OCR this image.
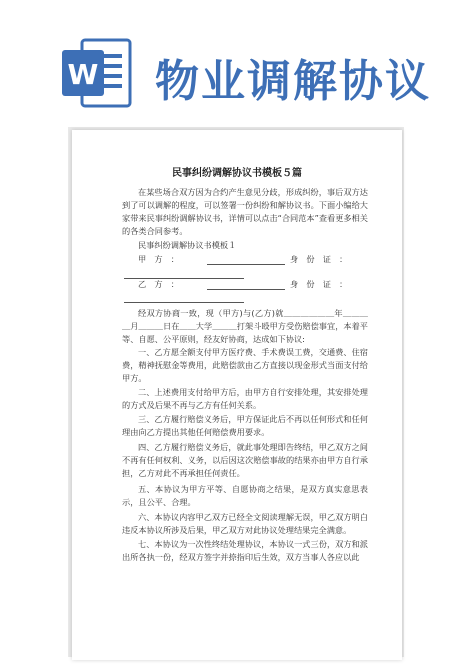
W 物业调解协议
民事纠纷调解协议书模板５篇
在某些场合双方因为合约产生意见分歧，形成纠纷，事后双方达到了可以调解的程度，可以签署一份纠纷和解协议书。下面小编给大家带来民事纠纷调解协议书，详情可以点击“合同范本”查看更多相关的各类合同参考。
民事纠纷调解协议书模板１
甲　方　：	身　份　证　：
乙　方　：	身　份　证　：
经双方协商一致，现（甲方)与(乙方)就＿＿＿＿＿＿年＿＿＿＿月＿＿＿日在＿＿大学＿＿＿打架斗殴甲方受伤赔偿事宜，本着平等、自愿、公平原则，经友好协商，达成如下协议:
一、乙方愿全额支付甲方医疗费、手术费误工费，交通费、住宿费，精神抚慰金等费用，此赔偿款由乙方直接以现金形式当面支付给甲方。
二、上述费用支付给甲方后，由甲方自行安排处理，其安排处理的方式及后果不再与乙方有任何关系。
三、乙方履行赔偿义务后，甲方保证此后不再以任何形式和任何理由向乙方提出其他任何赔偿费用要求。
四、乙方履行赔偿义务后，就此事处理即告终结，甲乙双方之间不再有任何权利、义务，以后因这次赔偿事故的结果亦由甲方自行承担，乙方对此不再承担任何责任。
五、本协议为甲方平等、自愿协商之结果，是双方真实意思表示，且公平、合理。
六、本协议内容甲乙双方已经全文阅读理解无误，甲乙双方明白违反本协议所涉及后果，甲乙双方对此协议处理结果完全满意。
七、本协议为一次性终结处理协议，本协议一式三份，双方和派出所各执一份，经双方签字并捺指印后生效，双方当事人各应以此
